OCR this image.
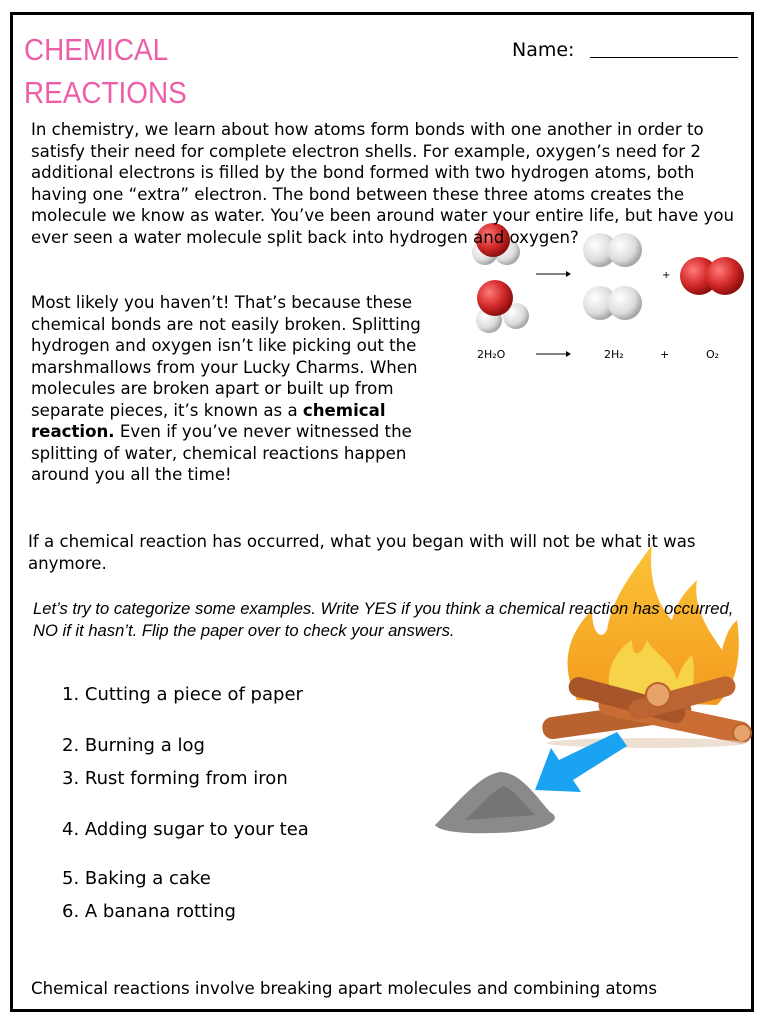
CHEMICAL
REACTIONS
Name:
+
2H₂O	2H₂	+	O₂

In chemistry, we learn about how atoms form bonds with one another in order to satisfy their need for complete electron shells. For example, oxygen’s need for 2 additional electrons is filled by the bond formed with two hydrogen atoms, both having one “extra” electron. The bond between these three atoms creates the molecule we know as water. You’ve been around water your entire life, but have you ever seen a water molecule split back into hydrogen and oxygen?

Most likely you haven’t! That’s because these chemical bonds are not easily broken. Splitting hydrogen and oxygen isn’t like picking out the marshmallows from your Lucky Charms. When molecules are broken apart or built up from separate pieces, it’s known as a chemical reaction. Even if you’ve never witnessed the splitting of water, chemical reactions happen around you all the time!

If a chemical reaction has occurred, what you began with will not be what it was anymore.

Let’s try to categorize some examples. Write YES if you think a chemical reaction has occurred, NO if it hasn’t. Flip the paper over to check your answers.

1. Cutting a piece of paper
2. Burning a log
3. Rust forming from iron
4. Adding sugar to your tea
5. Baking a cake
6. A banana rotting
Chemical reactions involve breaking apart molecules and combining atoms
